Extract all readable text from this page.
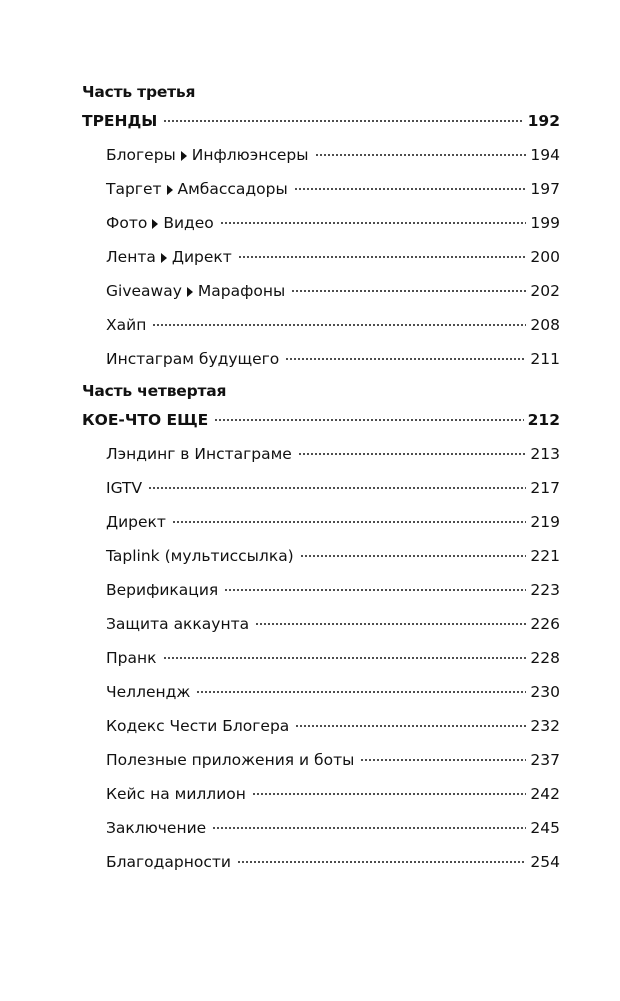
Часть третья
ТРЕНДЫ	192
Блогеры Инфлюэнсеры	194
Таргет Амбассадоры	197
Фото Видео	199
Лента Директ	200
Giveaway Марафоны	202
Хайп	208
Инстаграм будущего	211
Часть четвертая
КОЕ-ЧТО ЕЩЕ	212
Лэндинг в Инстаграме	213
IGTV	217
Директ	219
Taplink (мультиссылка)	221
Верификация	223
Защита аккаунта	226
Пранк	228
Челлендж	230
Кодекс Чести Блогера	232
Полезные приложения и боты	237
Кейс на миллион	242
Заключение	245
Благодарности	254
